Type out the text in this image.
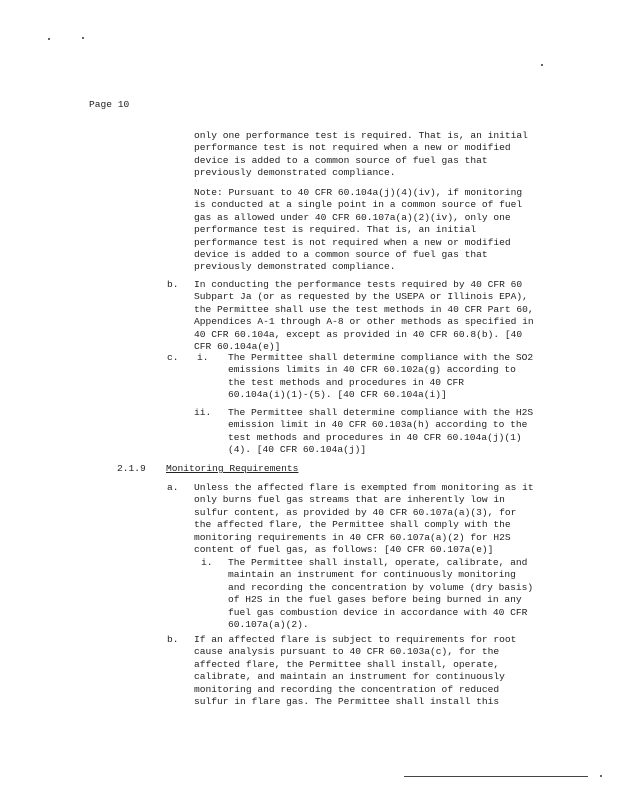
Page 10
only one performance test is required. That is, an initial
performance test is not required when a new or modified
device is added to a common source of fuel gas that
previously demonstrated compliance.
Note: Pursuant to 40 CFR 60.104a(j)(4)(iv), if monitoring
is conducted at a single point in a common source of fuel
gas as allowed under 40 CFR 60.107a(a)(2)(iv), only one
performance test is required. That is, an initial
performance test is not required when a new or modified
device is added to a common source of fuel gas that
previously demonstrated compliance.
b. In conducting the performance tests required by 40 CFR 60
Subpart Ja (or as requested by the USEPA or Illinois EPA),
the Permittee shall use the test methods in 40 CFR Part 60,
Appendices A-1 through A-8 or other methods as specified in
40 CFR 60.104a, except as provided in 40 CFR 60.8(b). [40
CFR 60.104a(e)]
c. i. The Permittee shall determine compliance with the SO2
emissions limits in 40 CFR 60.102a(g) according to
the test methods and procedures in 40 CFR
60.104a(i)(1)-(5). [40 CFR 60.104a(i)]
ii. The Permittee shall determine compliance with the H2S
emission limit in 40 CFR 60.103a(h) according to the
test methods and procedures in 40 CFR 60.104a(j)(1)
(4). [40 CFR 60.104a(j)]
2.1.9 Monitoring Requirements
a. Unless the affected flare is exempted from monitoring as it
only burns fuel gas streams that are inherently low in
sulfur content, as provided by 40 CFR 60.107a(a)(3), for
the affected flare, the Permittee shall comply with the
monitoring requirements in 40 CFR 60.107a(a)(2) for H2S
content of fuel gas, as follows: [40 CFR 60.107a(e)]
i. The Permittee shall install, operate, calibrate, and
maintain an instrument for continuously monitoring
and recording the concentration by volume (dry basis)
of H2S in the fuel gases before being burned in any
fuel gas combustion device in accordance with 40 CFR
60.107a(a)(2).
b. If an affected flare is subject to requirements for root
cause analysis pursuant to 40 CFR 60.103a(c), for the
affected flare, the Permittee shall install, operate,
calibrate, and maintain an instrument for continuously
monitoring and recording the concentration of reduced
sulfur in flare gas. The Permittee shall install this
